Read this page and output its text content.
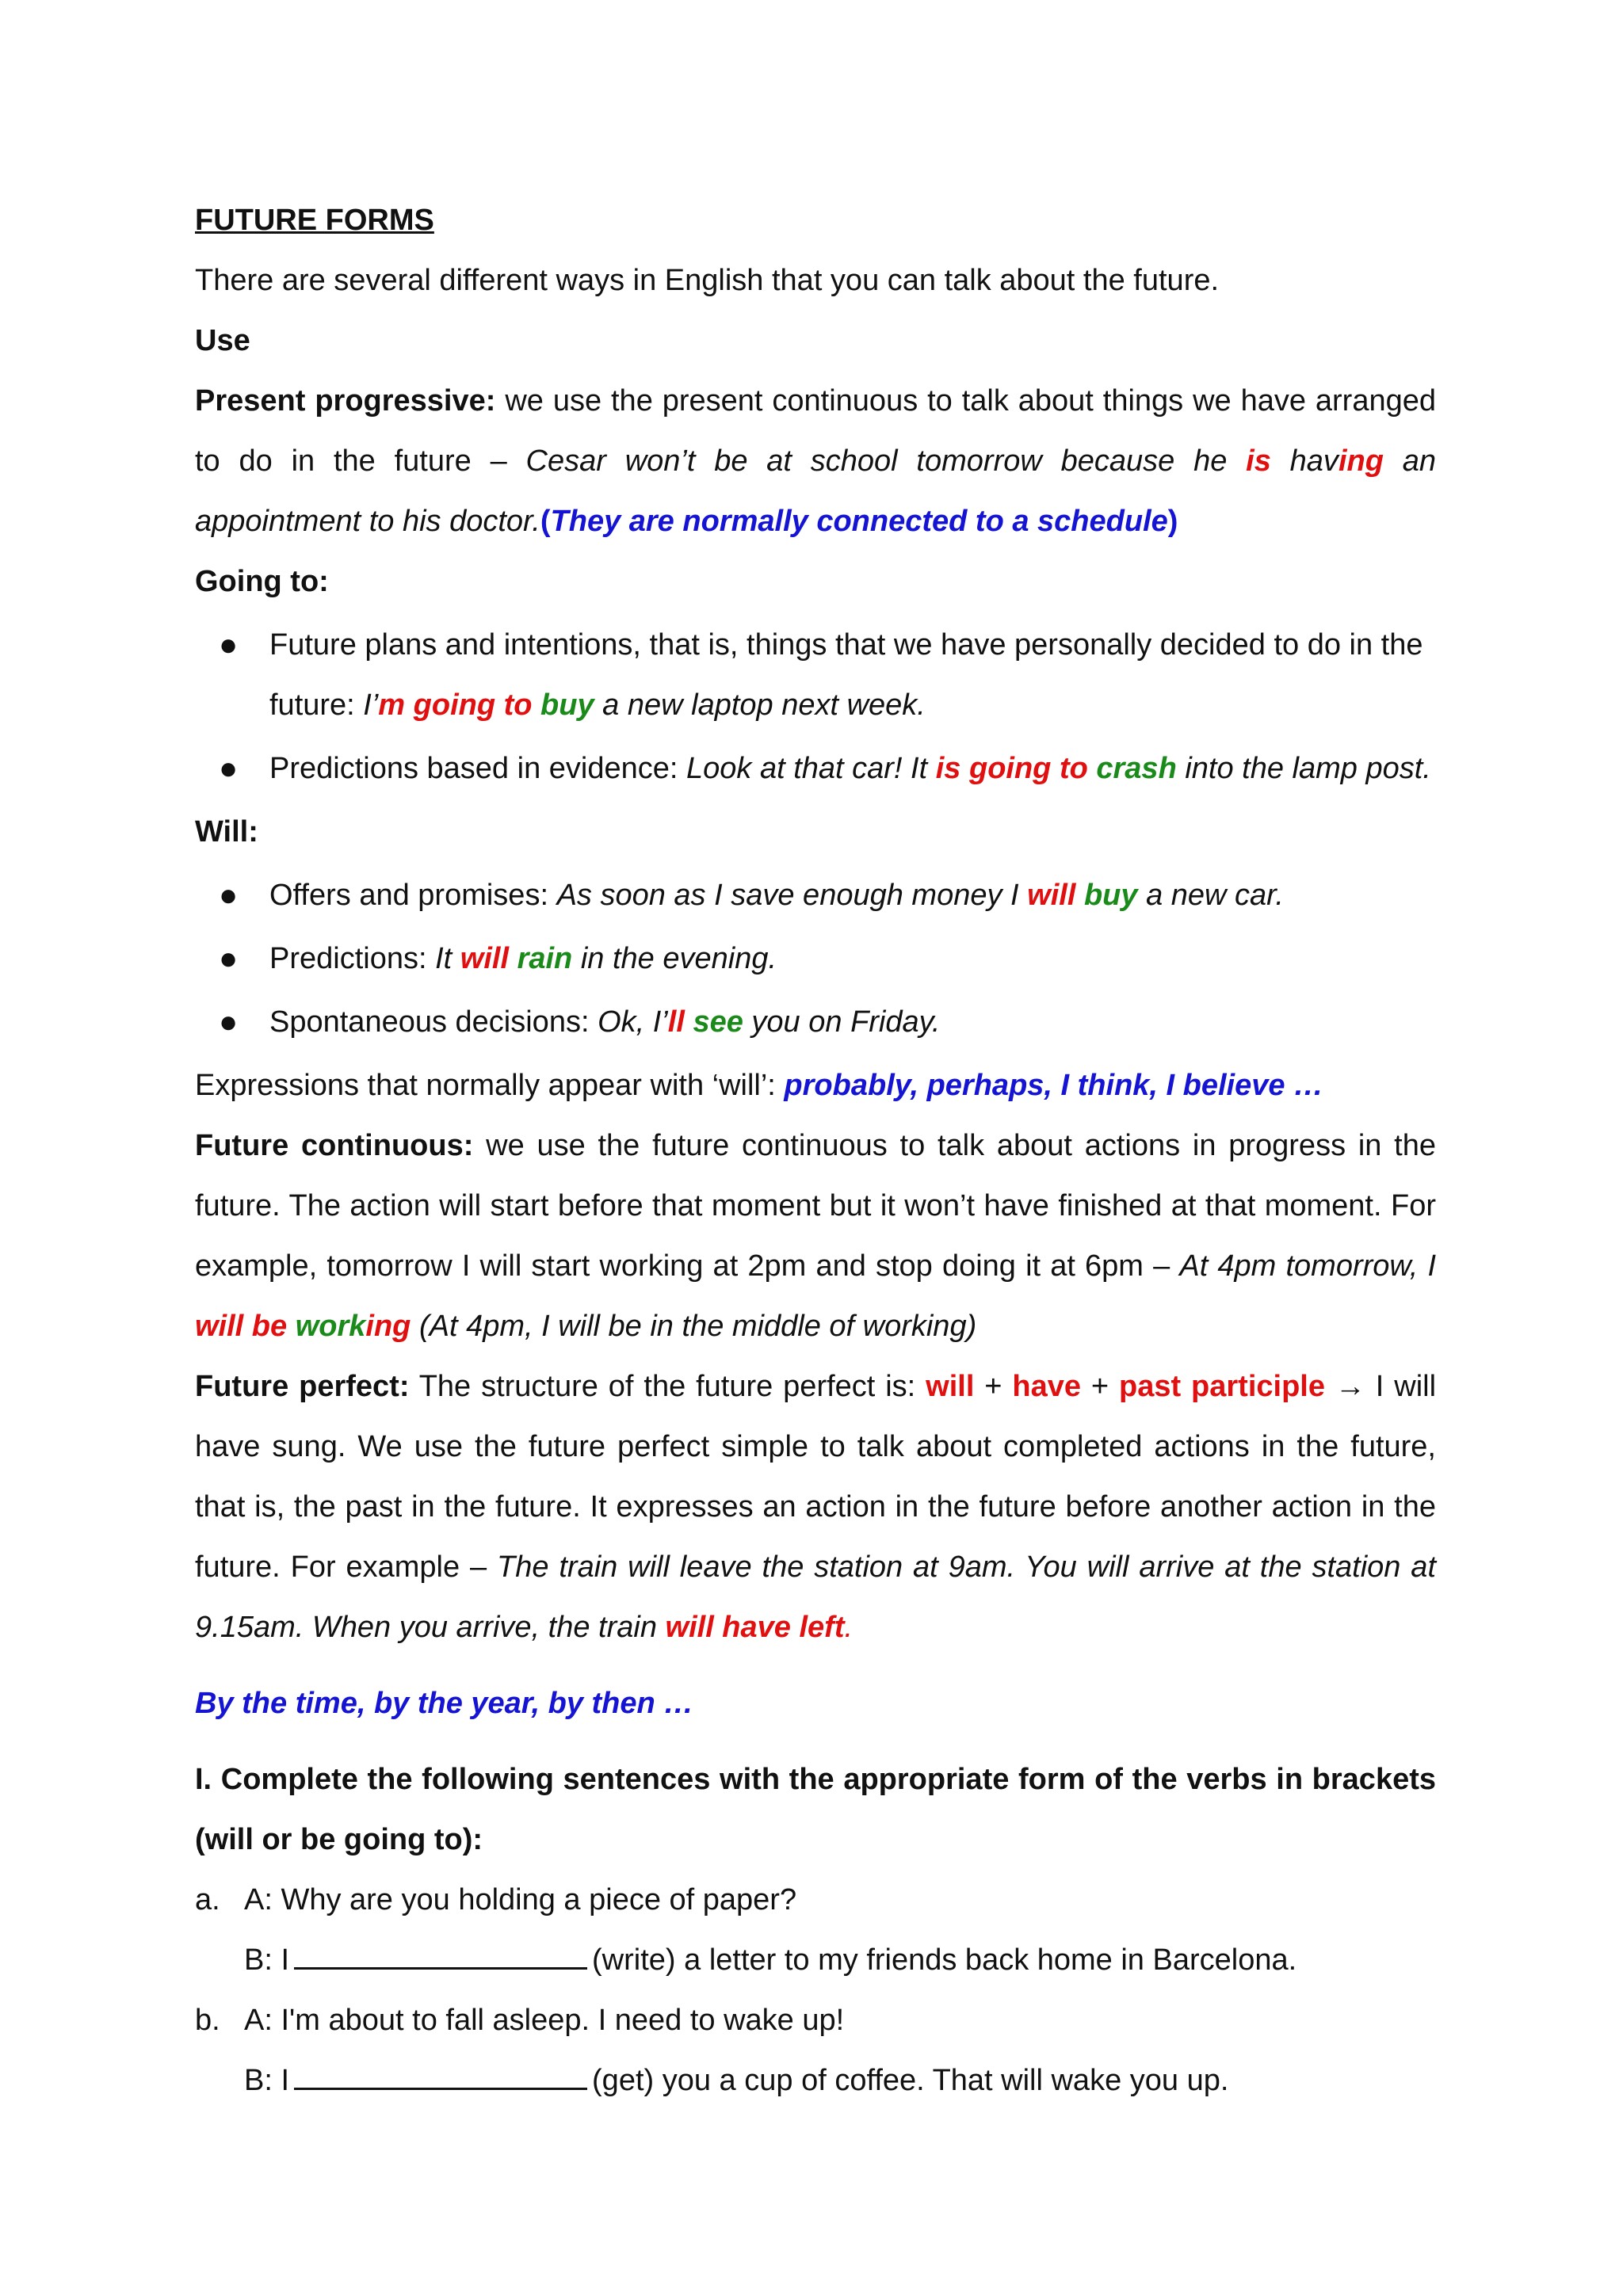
FUTURE FORMS

There are several different ways in English that you can talk about the future.

Use

Present progressive: we use the present continuous to talk about things we have arranged to do in the future – Cesar won’t be at school tomorrow because he is having an appointment to his doctor.(They are normally connected to a schedule)

Going to:

● Future plans and intentions, that is, things that we have personally decided to do in the future: I’m going to buy a new laptop next week.
● Predictions based in evidence: Look at that car! It is going to crash into the lamp post.

Will:

● Offers and promises: As soon as I save enough money I will buy a new car.
● Predictions: It will rain in the evening.
● Spontaneous decisions: Ok, I’ll see you on Friday.

Expressions that normally appear with ‘will’: probably, perhaps, I think, I believe …

Future continuous: we use the future continuous to talk about actions in progress in the future. The action will start before that moment but it won’t have finished at that moment. For example, tomorrow I will start working at 2pm and stop doing it at 6pm – At 4pm tomorrow, I will be working (At 4pm, I will be in the middle of working)

Future perfect: The structure of the future perfect is: will + have + past participle → I will have sung. We use the future perfect simple to talk about completed actions in the future, that is, the past in the future. It expresses an action in the future before another action in the future. For example – The train will leave the station at 9am. You will arrive at the station at 9.15am. When you arrive, the train will have left.

By the time, by the year, by then …

I. Complete the following sentences with the appropriate form of the verbs in brackets (will or be going to):

a. A: Why are you holding a piece of paper?
B: I	(write) a letter to my friends back home in Barcelona.
b. A: I'm about to fall asleep. I need to wake up!
B: I	(get) you a cup of coffee. That will wake you up.
